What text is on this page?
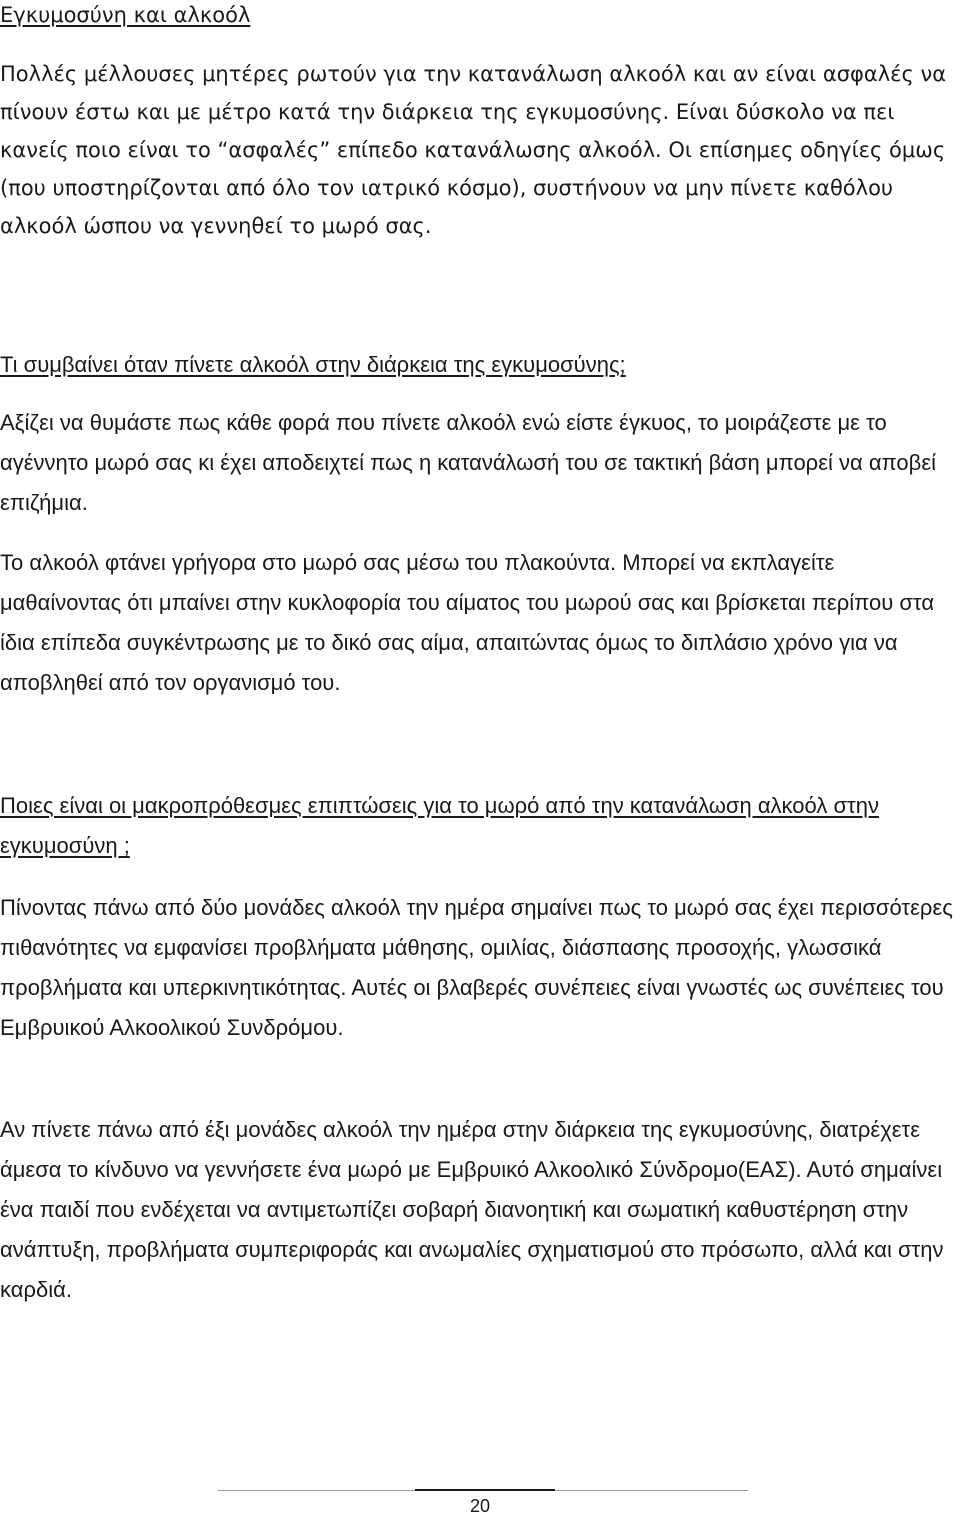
Εγκυμοσύνη και αλκοόλ

Πολλές μέλλουσες μητέρες ρωτούν για την κατανάλωση αλκοόλ και αν είναι ασφαλές να πίνουν έστω και με μέτρο κατά την διάρκεια της εγκυμοσύνης. Είναι δύσκολο να πει κανείς ποιο είναι το “ασφαλές” επίπεδο κατανάλωσης αλκοόλ. Οι επίσημες οδηγίες όμως (που υποστηρίζονται από όλο τον ιατρικό κόσμο), συστήνουν να μην πίνετε καθόλου αλκοόλ ώσπου να γεννηθεί το μωρό σας.

Τι συμβαίνει όταν πίνετε αλκοόλ στην διάρκεια της εγκυμοσύνης;

Αξίζει να θυμάστε πως κάθε φορά που πίνετε αλκοόλ ενώ είστε έγκυος, το μοιράζεστε με το αγέννητο μωρό σας κι έχει αποδειχτεί πως η κατανάλωσή του σε τακτική βάση μπορεί να αποβεί επιζήμια.

Το αλκοόλ φτάνει γρήγορα στο μωρό σας μέσω του πλακούντα. Μπορεί να εκπλαγείτε μαθαίνοντας ότι μπαίνει στην κυκλοφορία του αίματος του μωρού σας και βρίσκεται περίπου στα ίδια επίπεδα συγκέντρωσης με το δικό σας αίμα, απαιτώντας όμως το διπλάσιο χρόνο για να αποβληθεί από τον οργανισμό του.

Ποιες είναι οι μακροπρόθεσμες επιπτώσεις για το μωρό από την κατανάλωση αλκοόλ στην εγκυμοσύνη ;

Πίνοντας πάνω από δύο μονάδες αλκοόλ την ημέρα σημαίνει πως το μωρό σας έχει περισσότερες πιθανότητες να εμφανίσει προβλήματα μάθησης, ομιλίας, διάσπασης προσοχής, γλωσσικά προβλήματα και υπερκινητικότητας. Αυτές οι βλαβερές συνέπειες είναι γνωστές ως συνέπειες του Εμβρυικού Αλκοολικού Συνδρόμου.

Αν πίνετε πάνω από έξι μονάδες αλκοόλ την ημέρα στην διάρκεια της εγκυμοσύνης, διατρέχετε άμεσα το κίνδυνο να γεννήσετε ένα μωρό με Εμβρυικό Αλκοολικό Σύνδρομο(ΕΑΣ). Αυτό σημαίνει ένα παιδί που ενδέχεται να αντιμετωπίζει σοβαρή διανοητική και σωματική καθυστέρηση στην ανάπτυξη, προβλήματα συμπεριφοράς και ανωμαλίες σχηματισμού στο πρόσωπο, αλλά και στην καρδιά.

20
